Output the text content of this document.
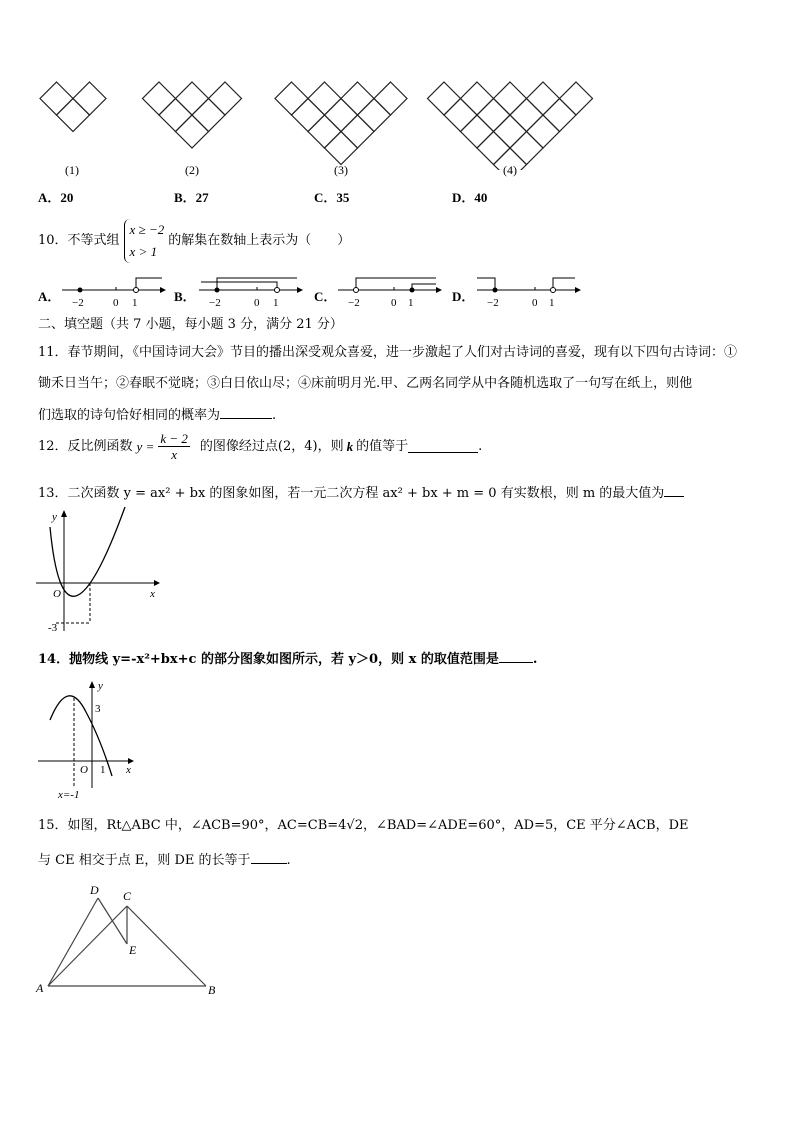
(1)	(2)	(3)	(4)
A．20	B．27	C．35	D．40
10．不等式组
x ≥ −2
x > 1
的解集在数轴上表示为（　　）
A．	B．	C．	D．
−2	0 1	−2	0 1	−2	0 1	−2	0 1
二、填空题（共 7 小题，每小题 3 分，满分 21 分）
11．春节期间，《中国诗词大会》节目的播出深受观众喜爱，进一步激起了人们对古诗词的喜爱，现有以下四句古诗词：①
锄禾日当午；②春眠不觉晓；③白日依山尽；④床前明月光.甲、乙两名同学从中各随机选取了一句写在纸上，则他
们选取的诗句恰好相同的概率为	.
12．反比例函数 $y = \frac{k - 2}{x}$ 的图像经过点(2，4)，则 k 的值等于	.
13．二次函数 y = ax² + bx 的图象如图，若一元二次方程 ax² + bx + m = 0 有实数根，则 m 的最大值为
y
x
O
-3
14．抛物线 y=-x²+bx+c 的部分图象如图所示，若 y＞0，则 x 的取值范围是	.
y
x
O
3
1
x=-1
15．如图，Rt△ABC 中，∠ACB=90°，AC=CB=4√2，∠BAD=∠ADE=60°，AD=5，CE 平分∠ACB，DE
与 CE 相交于点 E，则 DE 的长等于	.
D C
E
A	B
